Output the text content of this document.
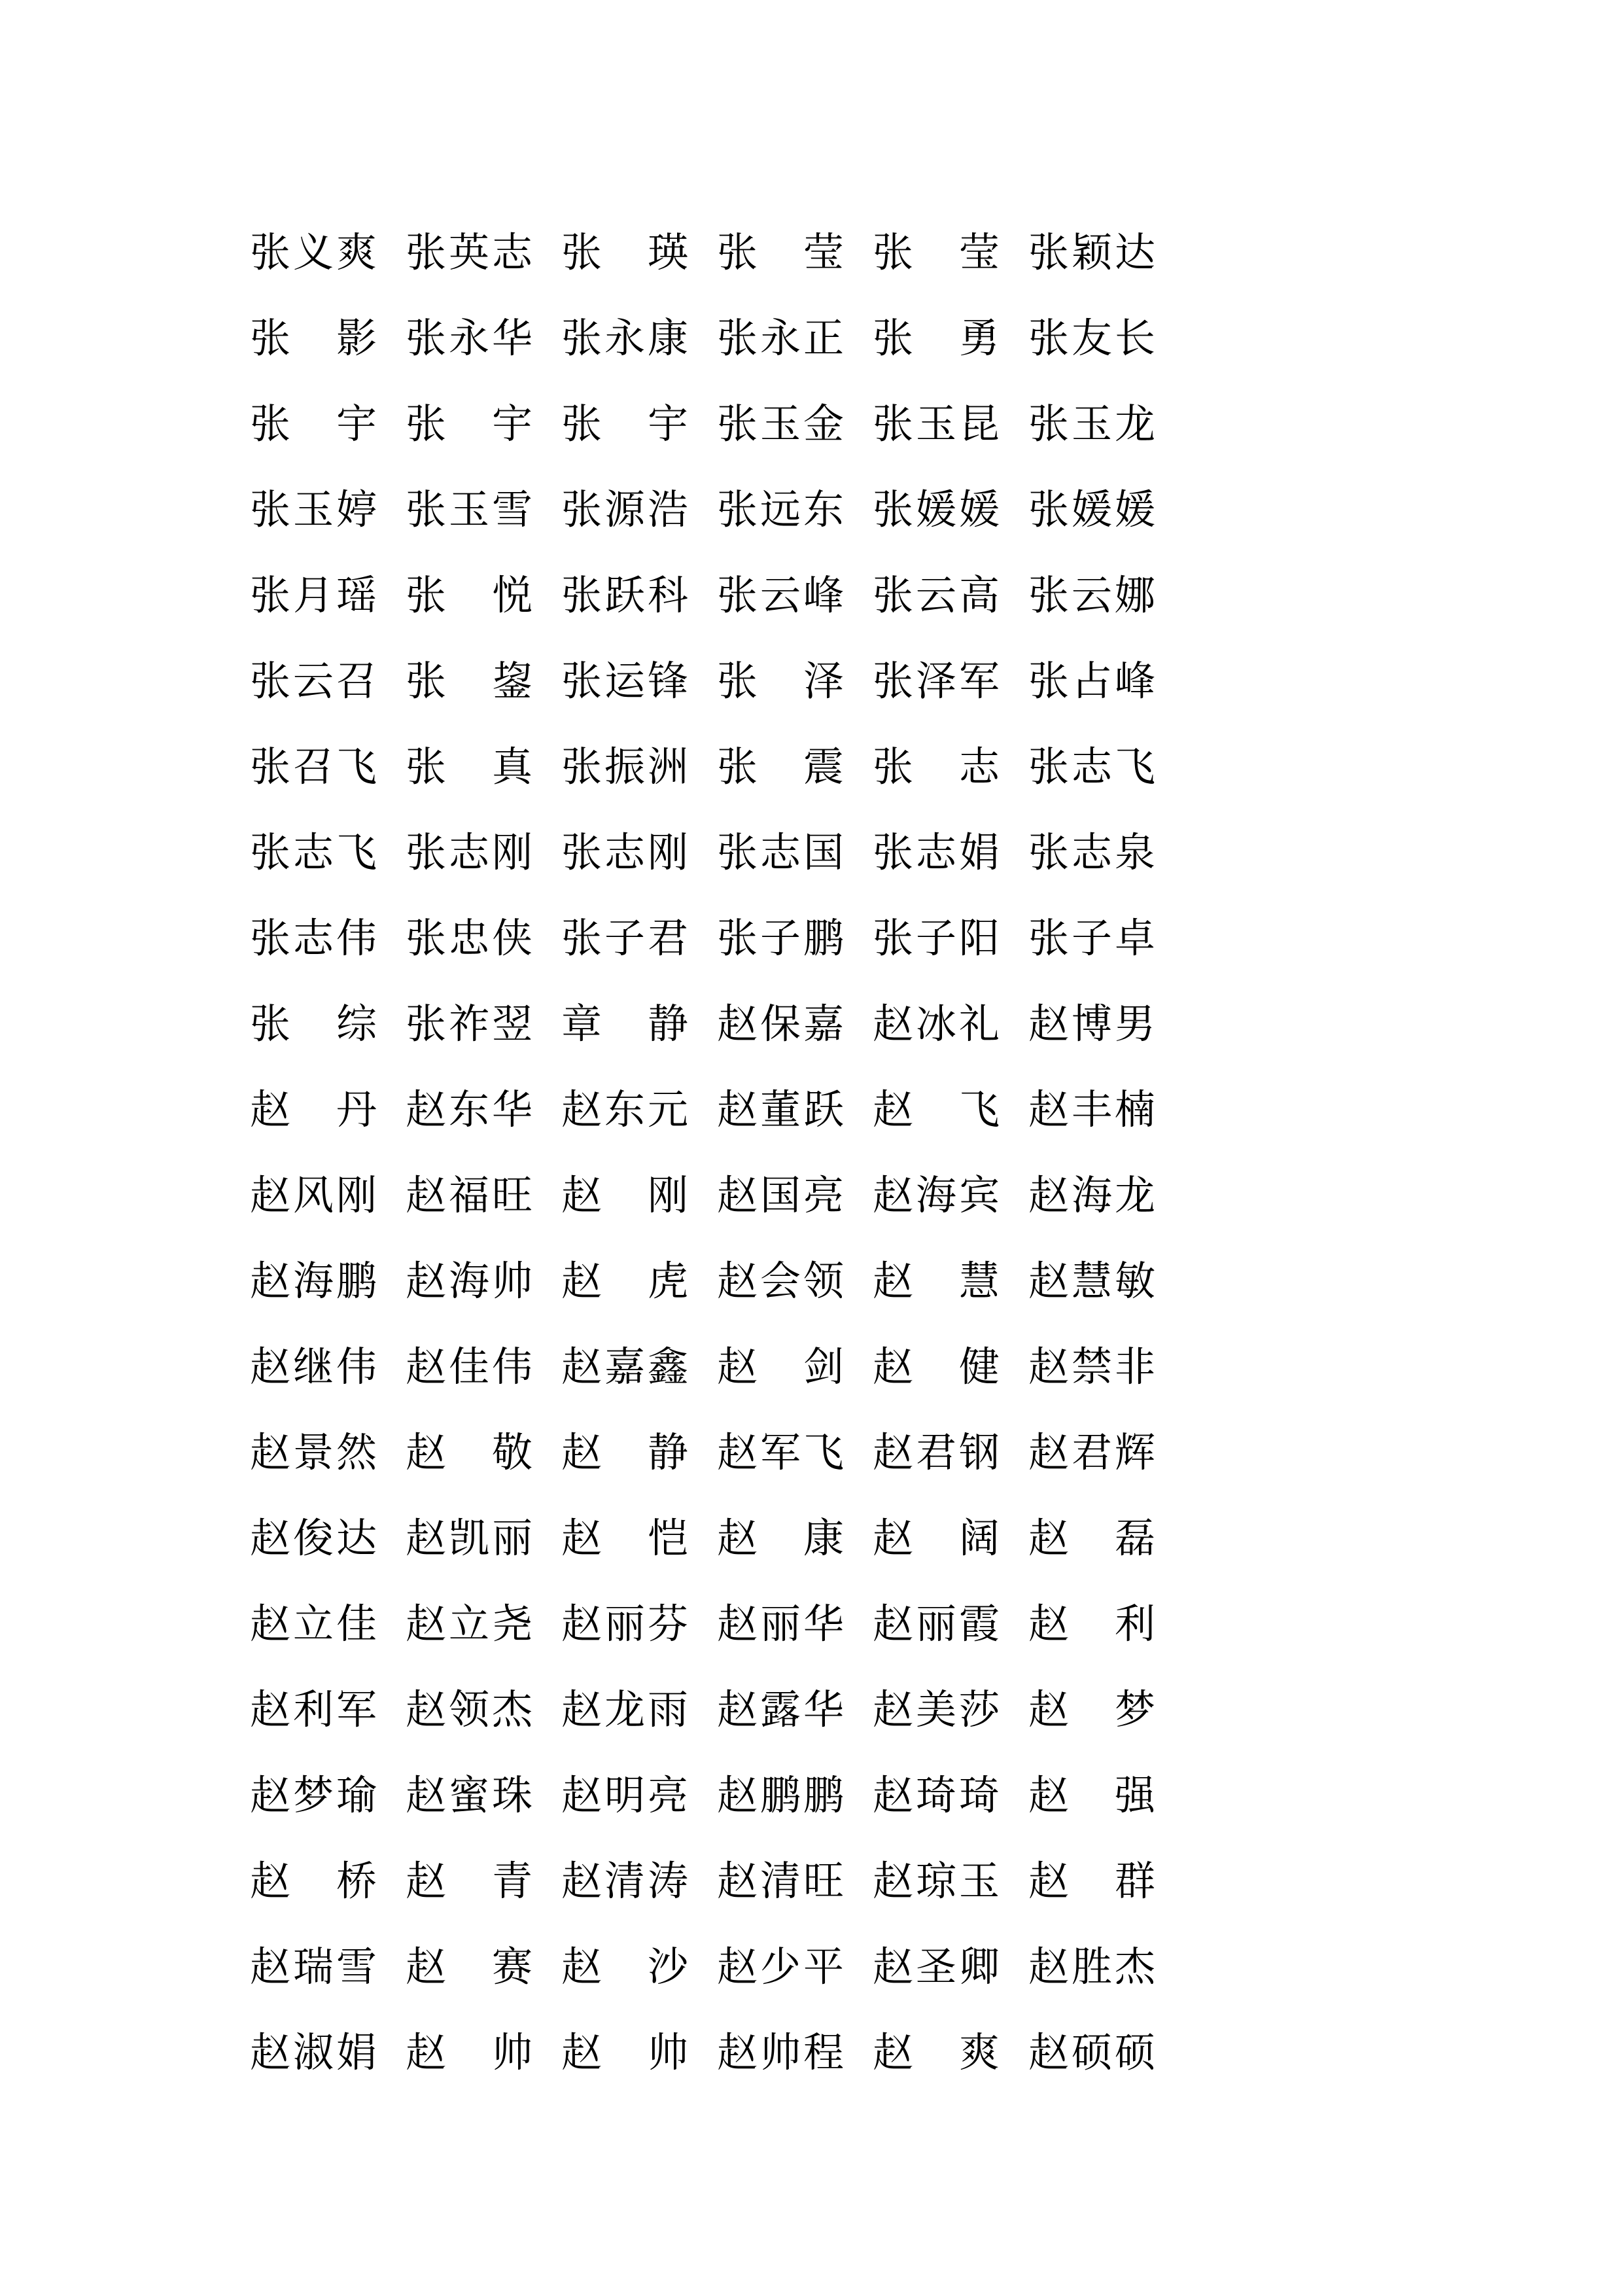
张 义 爽 张 英 志 张 瑛 张 莹 张 莹 张 颖 达
张 影 张 永 华 张 永 康 张 永 正 张 勇 张 友 长
张 宇 张 宇 张 宇 张 玉 金 张 玉 昆 张 玉 龙
张 玉 婷 张 玉 雪 张 源 浩 张 远 东 张 媛 媛 张 媛 媛
张 月 瑶 张 悦 张 跃 科 张 云 峰 张 云 高 张 云 娜
张 云 召 张 鋆 张 运 锋 张 泽 张 泽 军 张 占 峰
张 召 飞 张 真 张 振 洲 张 震 张 志 张 志 飞
张 志 飞 张 志 刚 张 志 刚 张 志 国 张 志 娟 张 志 泉
张 志 伟 张 忠 侠 张 子 君 张 子 鹏 张 子 阳 张 子 卓
张 综 张 祚 翌 章 静 赵 保 嘉 赵 冰 礼 赵 博 男
赵 丹 赵 东 华 赵 东 元 赵 董 跃 赵 飞 赵 丰 楠
赵 风 刚 赵 福 旺 赵 刚 赵 国 亮 赵 海 宾 赵 海 龙
赵 海 鹏 赵 海 帅 赵 虎 赵 会 领 赵 慧 赵 慧 敏
赵 继 伟 赵 佳 伟 赵 嘉 鑫 赵 剑 赵 健 赵 禁 非
赵 景 然 赵 敬 赵 静 赵 军 飞 赵 君 钢 赵 君 辉
赵 俊 达 赵 凯 丽 赵 恺 赵 康 赵 阔 赵 磊
赵 立 佳 赵 立 尧 赵 丽 芬 赵 丽 华 赵 丽 霞 赵 利
赵 利 军 赵 领 杰 赵 龙 雨 赵 露 华 赵 美 莎 赵 梦
赵 梦 瑜 赵 蜜 珠 赵 明 亮 赵 鹏 鹏 赵 琦 琦 赵 强
赵 桥 赵 青 赵 清 涛 赵 清 旺 赵 琼 玉 赵 群
赵 瑞 雪 赵 赛 赵 沙 赵 少 平 赵 圣 卿 赵 胜 杰
赵 淑 娟 赵 帅 赵 帅 赵 帅 程 赵 爽 赵 硕 硕
